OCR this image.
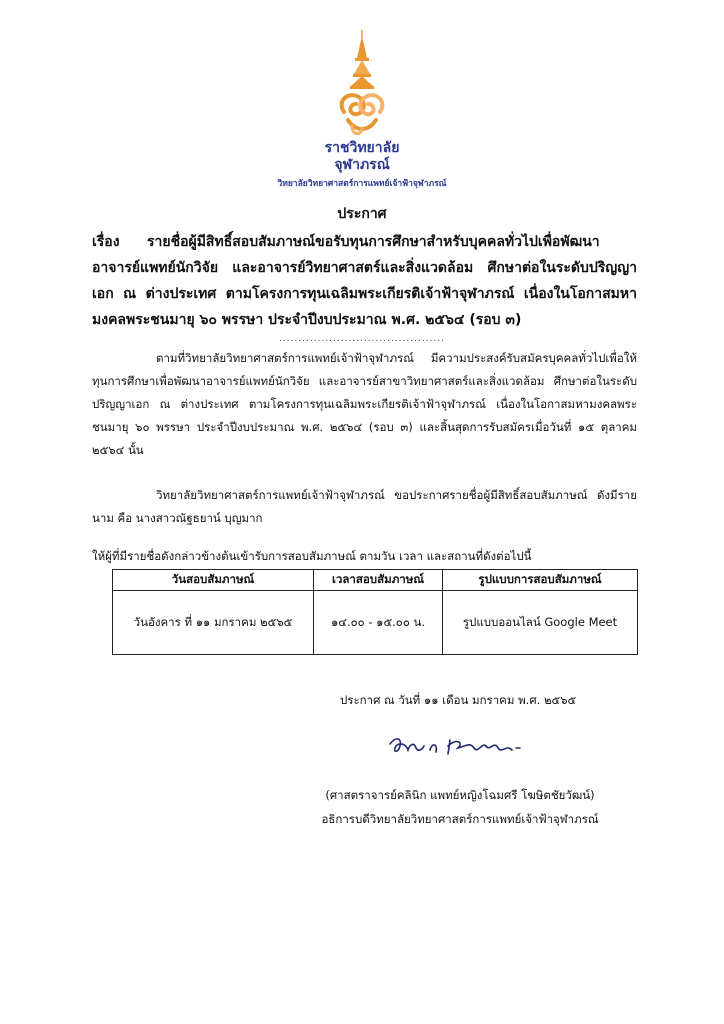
ราชวิทยาลัย
จุฬาภรณ์
วิทยาลัยวิทยาศาสตร์การแพทย์เจ้าฟ้าจุฬาภรณ์
ประกาศ
เรื่อง รายชื่อผู้มีสิทธิ์สอบสัมภาษณ์ขอรับทุนการศึกษาสำหรับบุคคลทั่วไปเพื่อพัฒนาอาจารย์แพทย์นักวิจัย และอาจารย์วิทยาศาสตร์และสิ่งแวดล้อม ศึกษาต่อในระดับปริญญาเอก ณ ต่างประเทศ ตามโครงการทุนเฉลิมพระเกียรติเจ้าฟ้าจุฬาภรณ์ เนื่องในโอกาสมหามงคลพระชนมายุ ๖๐ พรรษา ประจำปีงบประมาณ พ.ศ. ๒๕๖๔ (รอบ ๓)
...........................................
ตามที่วิทยาลัยวิทยาศาสตร์การแพทย์เจ้าฟ้าจุฬาภรณ์ มีความประสงค์รับสมัครบุคคลทั่วไปเพื่อให้ทุนการศึกษาเพื่อพัฒนาอาจารย์แพทย์นักวิจัย และอาจารย์สาขาวิทยาศาสตร์และสิ่งแวดล้อม ศึกษาต่อในระดับปริญญาเอก ณ ต่างประเทศ ตามโครงการทุนเฉลิมพระเกียรติเจ้าฟ้าจุฬาภรณ์ เนื่องในโอกาสมหามงคลพระชนมายุ ๖๐ พรรษา ประจำปีงบประมาณ พ.ศ. ๒๕๖๔ (รอบ ๓) และสิ้นสุดการรับสมัครเมื่อวันที่ ๑๕ ตุลาคม ๒๕๖๔ นั้น
วิทยาลัยวิทยาศาสตร์การแพทย์เจ้าฟ้าจุฬาภรณ์ ขอประกาศรายชื่อผู้มีสิทธิ์สอบสัมภาษณ์ ดังมีรายนาม คือ นางสาวณัฐธยาน์ บุญมาก
ให้ผู้ที่มีรายชื่อดังกล่าวข้างต้นเข้ารับการสอบสัมภาษณ์ ตามวัน เวลา และสถานที่ดังต่อไปนี้
วันสอบสัมภาษณ์	เวลาสอบสัมภาษณ์	รูปแบบการสอบสัมภาษณ์
วันอังคาร ที่ ๑๑ มกราคม ๒๕๖๕	๑๔.๐๐ - ๑๕.๐๐ น.	รูปแบบออนไลน์ Google Meet
ประกาศ ณ วันที่ ๑๑ เดือน มกราคม พ.ศ. ๒๕๖๕
(ศาสตราจารย์คลินิก แพทย์หญิงโฉมศรี โฆษิตชัยวัฒน์)
อธิการบดีวิทยาลัยวิทยาศาสตร์การแพทย์เจ้าฟ้าจุฬาภรณ์
